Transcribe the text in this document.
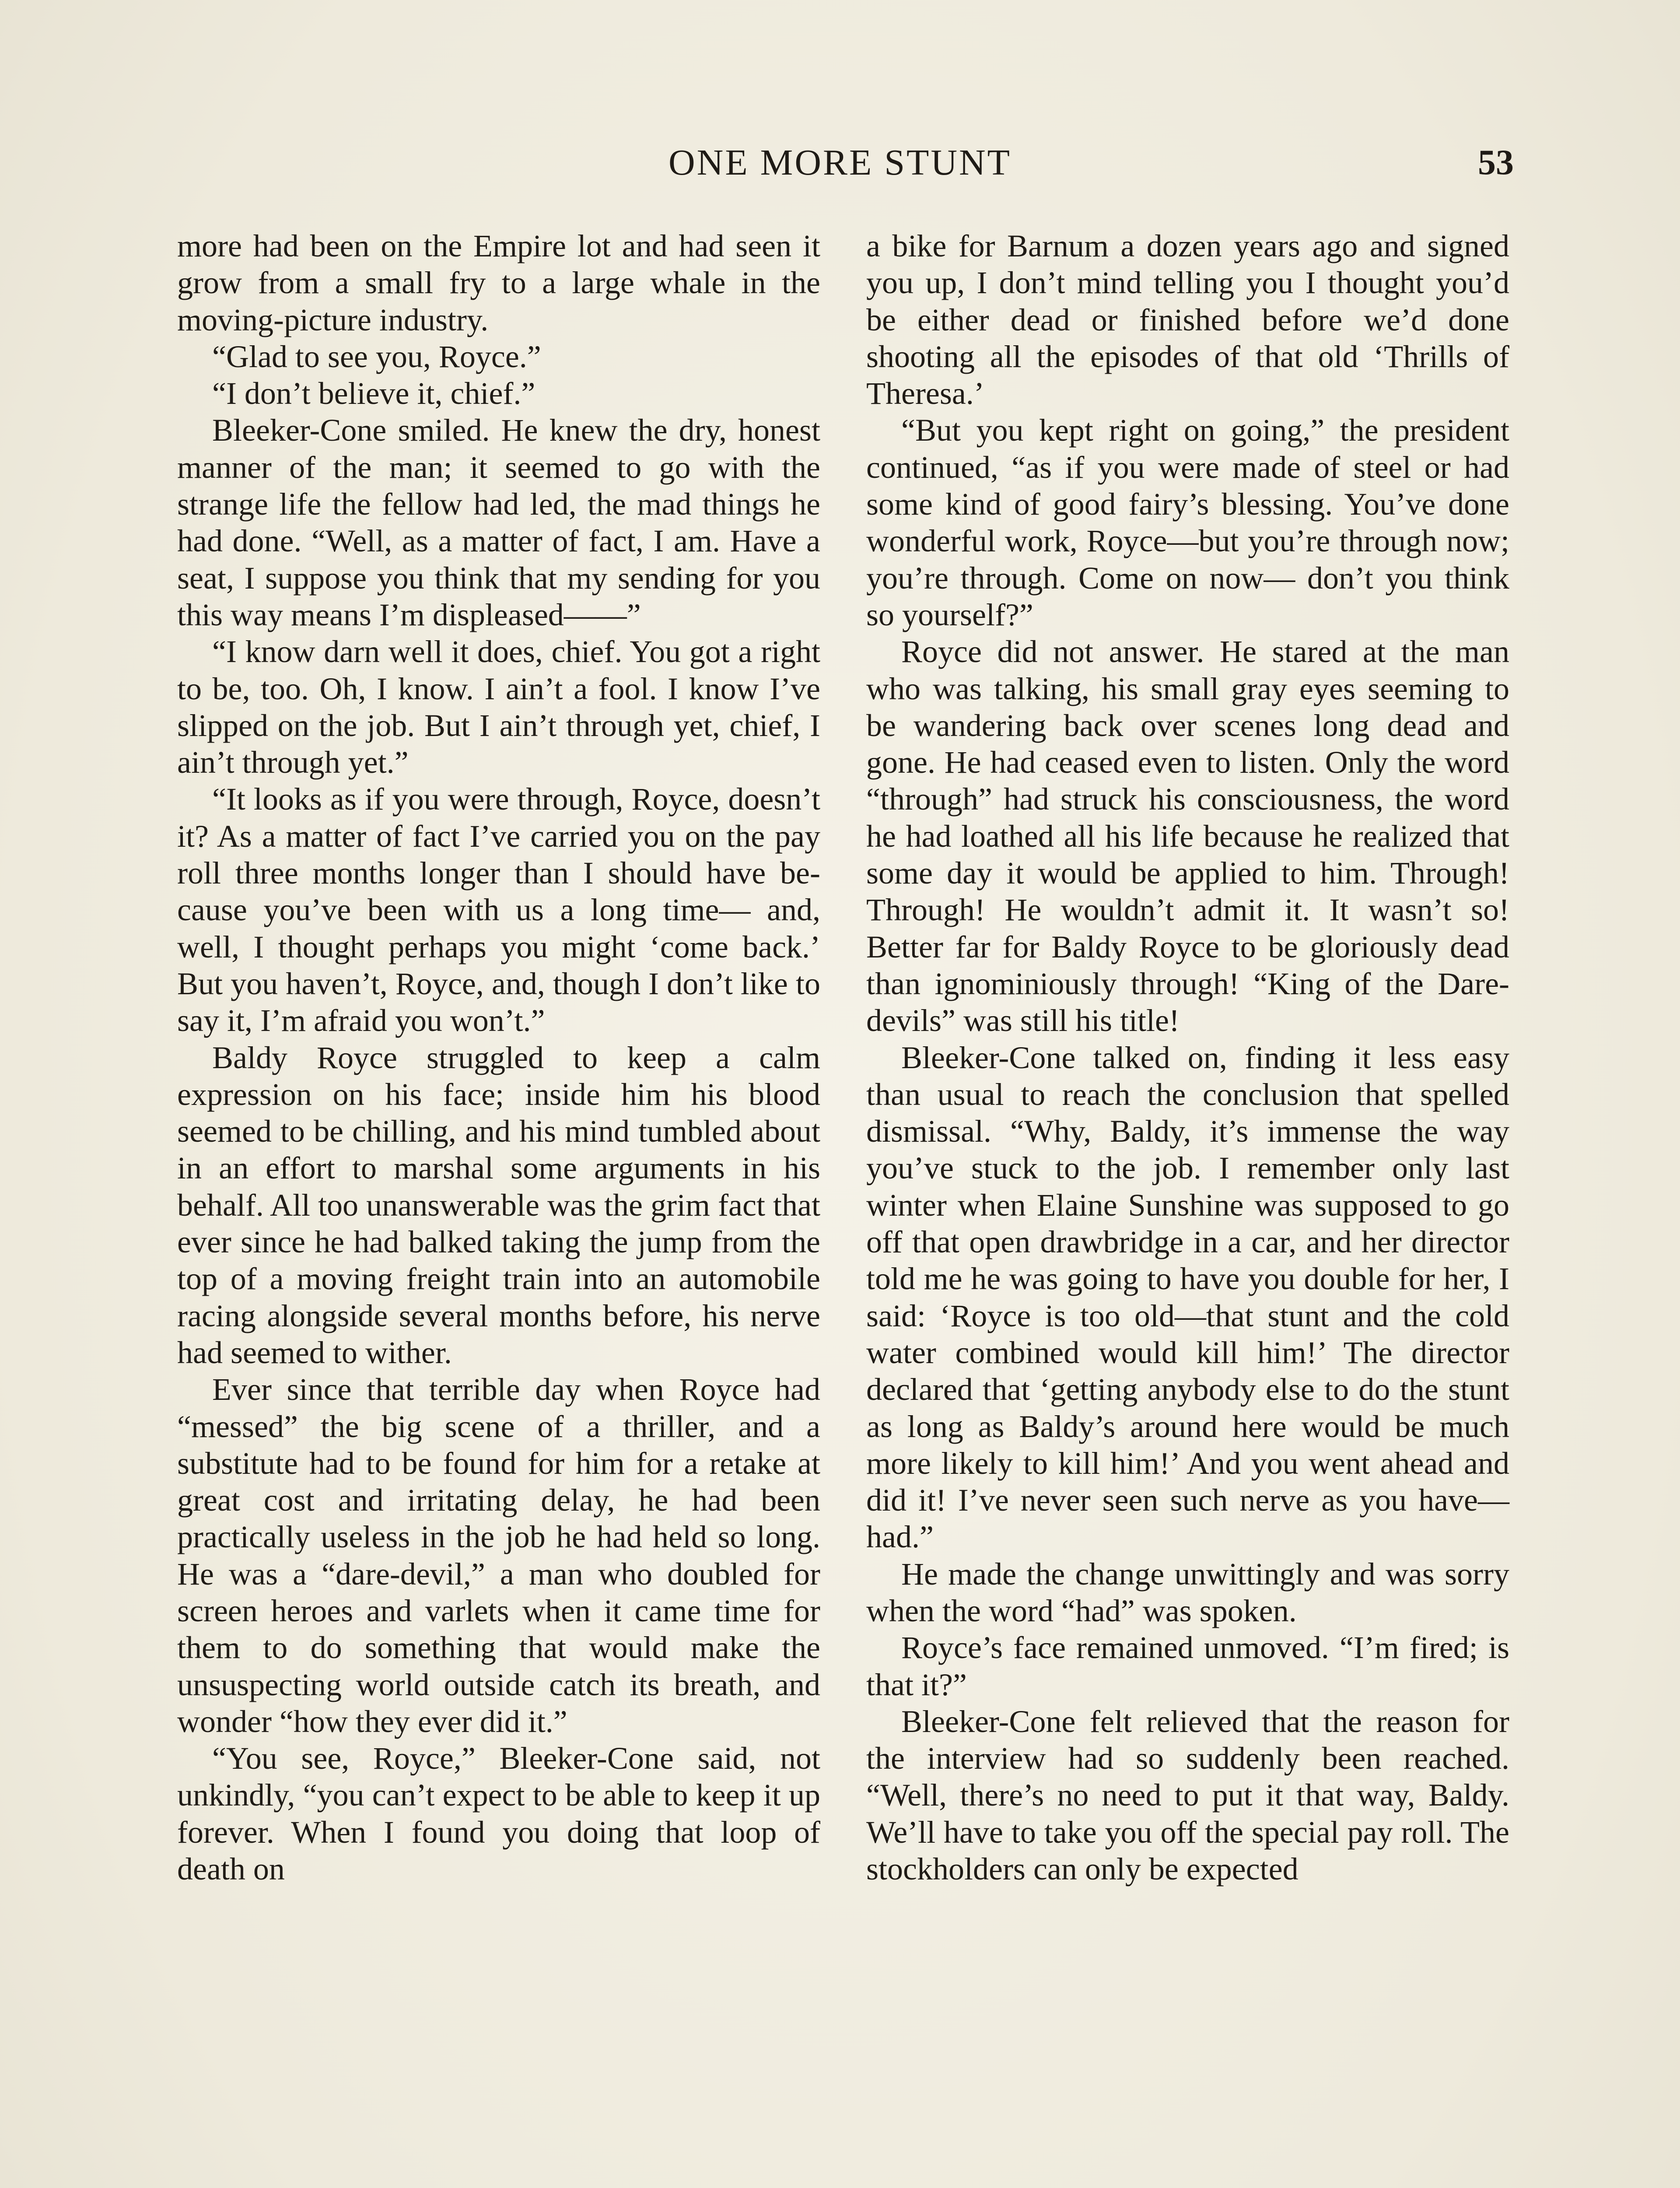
ONE MORE STUNT	53

more had been on the Empire lot and had seen it grow from a small fry to a large whale in the moving-picture industry.

“Glad to see you, Royce.”

“I don’t believe it, chief.”

Bleeker-Cone smiled. He knew the dry, honest manner of the man; it seemed to go with the strange life the fellow had led, the mad things he had done. “Well, as a matter of fact, I am. Have a seat, I suppose you think that my sending for you this way means I’m displeased——”

“I know darn well it does, chief. You got a right to be, too. Oh, I know. I ain’t a fool. I know I’ve slipped on the job. But I ain’t through yet, chief, I ain’t through yet.”

“It looks as if you were through, Royce, doesn’t it? As a matter of fact I’ve carried you on the pay roll three months longer than I should have because you’ve been with us a long time— and, well, I thought perhaps you might ‘come back.’ But you haven’t, Royce, and, though I don’t like to say it, I’m afraid you won’t.”

Baldy Royce struggled to keep a calm expression on his face; inside him his blood seemed to be chilling, and his mind tumbled about in an effort to marshal some arguments in his behalf. All too unanswerable was the grim fact that ever since he had balked taking the jump from the top of a moving freight train into an automobile racing alongside several months before, his nerve had seemed to wither.

Ever since that terrible day when Royce had “messed” the big scene of a thriller, and a substitute had to be found for him for a retake at great cost and irritating delay, he had been practically useless in the job he had held so long. He was a “dare-devil,” a man who doubled for screen heroes and varlets when it came time for them to do something that would make the unsuspecting world outside catch its breath, and wonder “how they ever did it.”

“You see, Royce,” Bleeker-Cone said, not unkindly, “you can’t expect to be able to keep it up forever. When I found you doing that loop of death on

a bike for Barnum a dozen years ago and signed you up, I don’t mind telling you I thought you’d be either dead or finished before we’d done shooting all the episodes of that old ‘Thrills of Theresa.’

“But you kept right on going,” the president continued, “as if you were made of steel or had some kind of good fairy’s blessing. You’ve done wonderful work, Royce—but you’re through now; you’re through. Come on now— don’t you think so yourself?”

Royce did not answer. He stared at the man who was talking, his small gray eyes seeming to be wandering back over scenes long dead and gone. He had ceased even to listen. Only the word “through” had struck his consciousness, the word he had loathed all his life because he realized that some day it would be applied to him. Through! Through! He wouldn’t admit it. It wasn’t so! Better far for Baldy Royce to be gloriously dead than ignominiously through! “King of the Dare-devils” was still his title!

Bleeker-Cone talked on, finding it less easy than usual to reach the conclusion that spelled dismissal. “Why, Baldy, it’s immense the way you’ve stuck to the job. I remember only last winter when Elaine Sunshine was supposed to go off that open drawbridge in a car, and her director told me he was going to have you double for her, I said: ‘Royce is too old—that stunt and the cold water combined would kill him!’ The director declared that ‘getting anybody else to do the stunt as long as Baldy’s around here would be much more likely to kill him!’ And you went ahead and did it! I’ve never seen such nerve as you have—had.”

He made the change unwittingly and was sorry when the word “had” was spoken.

Royce’s face remained unmoved. “I’m fired; is that it?”

Bleeker-Cone felt relieved that the reason for the interview had so suddenly been reached. “Well, there’s no need to put it that way, Baldy. We’ll have to take you off the special pay roll. The stockholders can only be expected
